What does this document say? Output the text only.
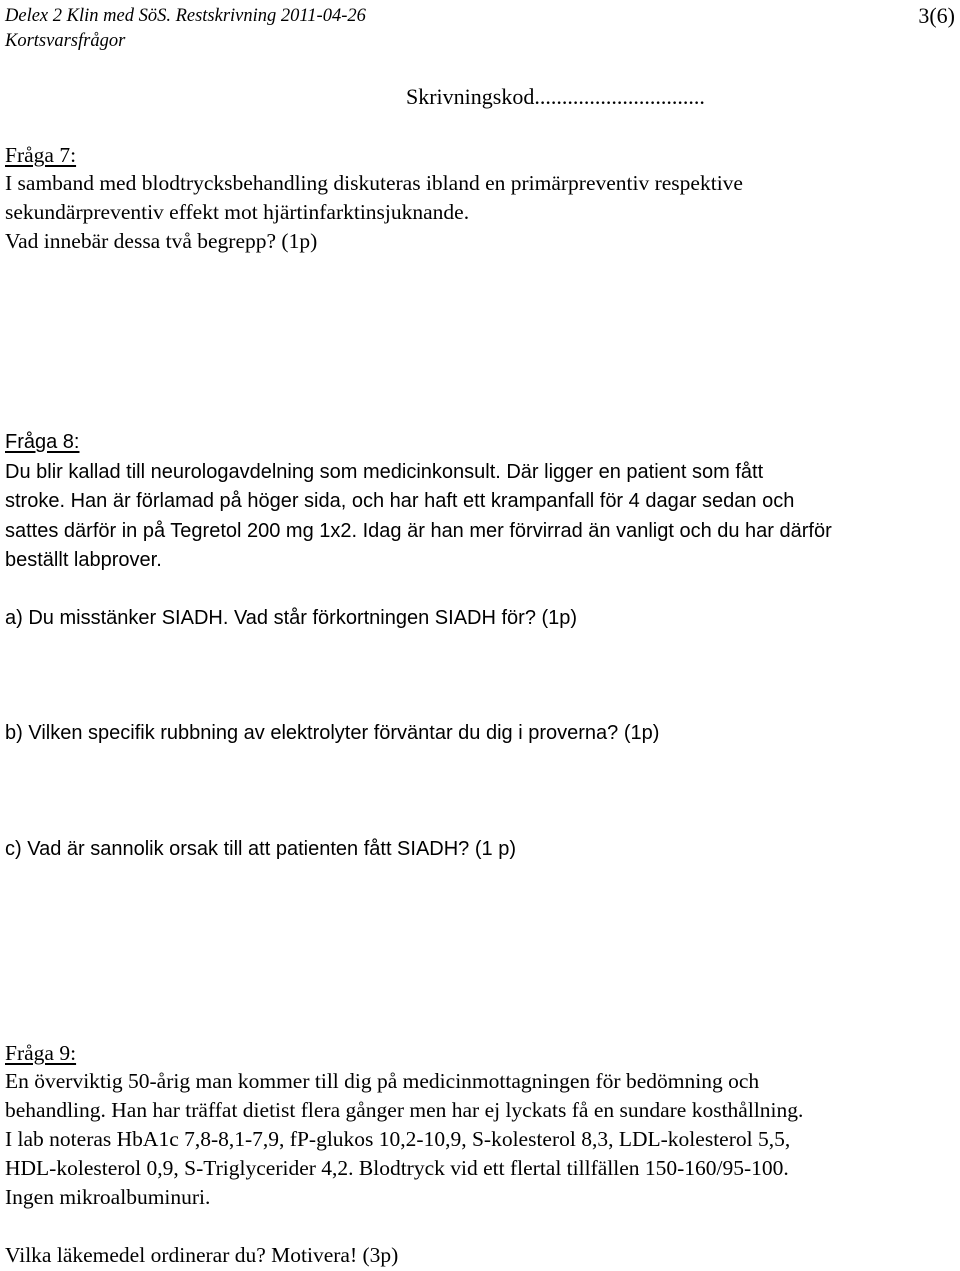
Delex 2 Klin med SöS. Restskrivning 2011-04-26
Kortsvarsfrågor
3(6)
Skrivningskod...............................
Fråga 7:
I samband med blodtrycksbehandling diskuteras ibland en primärpreventiv respektive
sekundärpreventiv effekt mot hjärtinfarktinsjuknande.
Vad innebär dessa två begrepp? (1p)
Fråga 8:
Du blir kallad till neurologavdelning som medicinkonsult. Där ligger en patient som fått
stroke. Han är förlamad på höger sida, och har haft ett krampanfall för 4 dagar sedan och
sattes därför in på Tegretol 200 mg 1x2. Idag är han mer förvirrad än vanligt och du har därför
beställt labprover.
a) Du misstänker SIADH. Vad står förkortningen SIADH för? (1p)
b) Vilken specifik rubbning av elektrolyter förväntar du dig i proverna? (1p)
c) Vad är sannolik orsak till att patienten fått SIADH? (1 p)
Fråga 9:
En överviktig 50-årig man kommer till dig på medicinmottagningen för bedömning och
behandling. Han har träffat dietist flera gånger men har ej lyckats få en sundare kosthållning.
I lab noteras HbA1c 7,8-8,1-7,9, fP-glukos 10,2-10,9, S-kolesterol 8,3, LDL-kolesterol 5,5,
HDL-kolesterol 0,9, S-Triglycerider 4,2. Blodtryck vid ett flertal tillfällen 150-160/95-100.
Ingen mikroalbuminuri.
Vilka läkemedel ordinerar du? Motivera! (3p)
